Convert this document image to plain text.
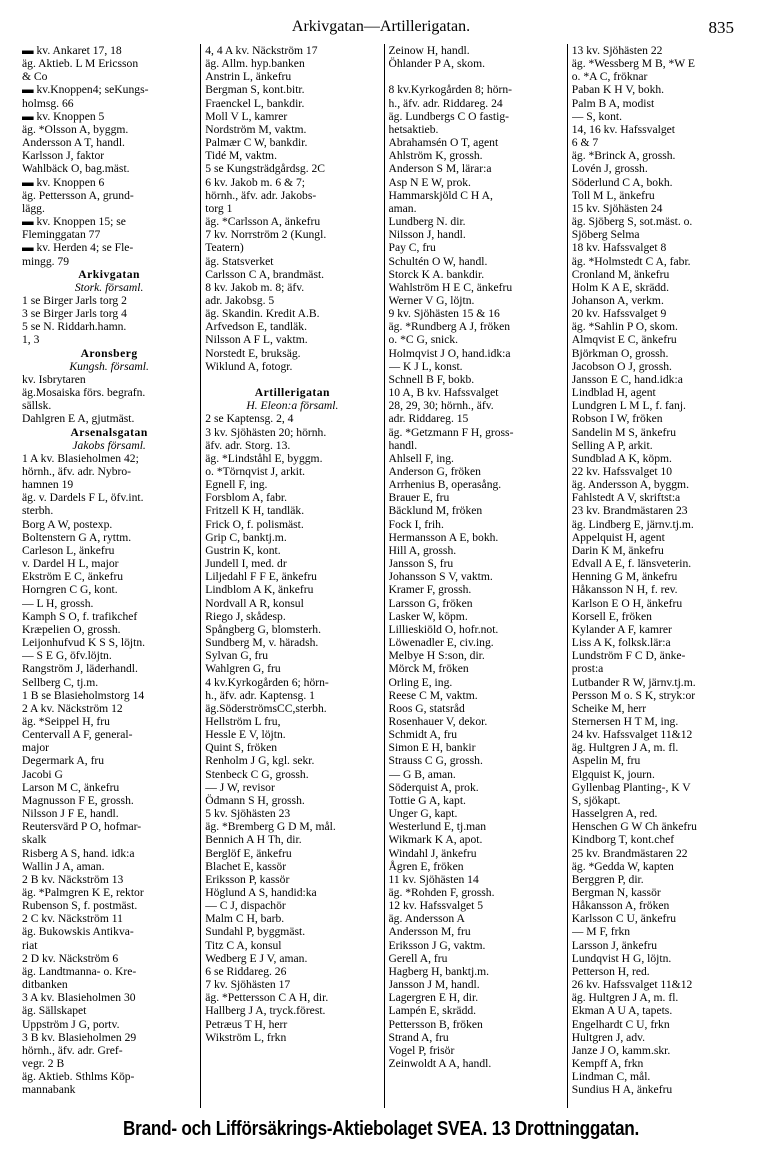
Arkivgatan—Artillerigatan.	835
▬ kv. Ankaret 17, 18
äg. Aktieb. L M Ericsson
& Co
▬ kv.Knoppen4; seKungs-
holmsg. 66
▬ kv. Knoppen 5
äg. *Olsson A, byggm.
Andersson A T, handl.
Karlsson J, faktor
Wahlbäck O, bag.mäst.
▬ kv. Knoppen 6
äg. Pettersson A, grund-
lägg.
▬ kv. Knoppen 15; se
Fleminggatan 77
▬ kv. Herden 4; se Fle-
mingg. 79
Arkivgatan
Stork. församl.
1 se Birger Jarls torg 2
3 se Birger Jarls torg 4
5 se N. Riddarh.hamn.
1, 3
Aronsberg
Kungsh. församl.
kv. Isbrytaren
äg.Mosaiska förs. begrafn.
sällsk.
Dahlgren E A, gjutmäst.
Arsenalsgatan
Jakobs församl.
1 A kv. Blasieholmen 42;
hörnh., äfv. adr. Nybro-
hamnen 19
äg. v. Dardels F L, öfv.int.
sterbh.
Borg A W, postexp.
Boltenstern G A, ryttm.
Carleson L, änkefru
v. Dardel H L, major
Ekström E C, änkefru
Horngren C G, kont.
— L H, grossh.
Kamph S O, f. trafikchef
Kræpelien O, grossh.
Leijonhufvud K S S, löjtn.
— S E G, öfv.löjtn.
Rangström J, läderhandl.
Sellberg C, tj.m.
1 B se Blasieholmstorg 14
2 A kv. Näckström 12
äg. *Seippel H, fru
Centervall A F, general-
major
Degermark A, fru
Jacobi G
Larson M C, änkefru
Magnusson F E, grossh.
Nilsson J F E, handl.
Reutersvärd P O, hofmar-
skalk
Risberg A S, hand. idk:a
Wallin J A, aman.
2 B kv. Näckström 13
äg. *Palmgren K E, rektor
Rubenson S, f. postmäst.
2 C kv. Näckström 11
äg. Bukowskis Antikva-
riat
2 D kv. Näckström 6
äg. Landtmanna- o. Kre-
ditbanken
3 A kv. Blasieholmen 30
äg. Sällskapet
Uppström J G, portv.
3 B kv. Blasieholmen 29
hörnh., äfv. adr. Gref-
vegr. 2 B
äg. Aktieb. Sthlms Köp-
mannabank
4, 4 A kv. Näckström 17
äg. Allm. hyp.banken
Anstrin L, änkefru
Bergman S, kont.bitr.
Fraenckel L, bankdir.
Moll V L, kamrer
Nordström M, vaktm.
Palmær C W, bankdir.
Tidé M, vaktm.
5 se Kungsträdgårdsg. 2C
6 kv. Jakob m. 6 & 7;
hörnh., äfv. adr. Jakobs-
torg 1
äg. *Carlsson A, änkefru
7 kv. Norrström 2 (Kungl.
Teatern)
äg. Statsverket
Carlsson C A, brandmäst.
8 kv. Jakob m. 8; äfv.
adr. Jakobsg. 5
äg. Skandin. Kredit A.B.
Arfvedson E, tandläk.
Nilsson A F L, vaktm.
Norstedt E, bruksäg.
Wiklund A, fotogr.

Artillerigatan
H. Eleon:a församl.
2 se Kaptensg. 2, 4
3 kv. Sjöhästen 20; hörnh.
äfv. adr. Storg. 13.
äg. *Lindståhl E, byggm.
o. *Törnqvist J, arkit.
Egnell F, ing.
Forsblom A, fabr.
Fritzell K H, tandläk.
Frick O, f. polismäst.
Grip C, banktj.m.
Gustrin K, kont.
Jundell I, med. dr
Liljedahl F F E, änkefru
Lindblom A K, änkefru
Nordvall A R, konsul
Riego J, skådesp.
Spångberg G, blomsterh.
Sundberg M, v. häradsh.
Sylvan G, fru
Wahlgren G, fru
4 kv.Kyrkogården 6; hörn-
h., äfv. adr. Kaptensg. 1
äg.SöderströmsCC,sterbh.
Hellström L fru,
Hessle E V, löjtn.
Quint S, fröken
Renholm J G, kgl. sekr.
Stenbeck C G, grossh.
— J W, revisor
Ödmann S H, grossh.
5 kv. Sjöhästen 23
äg. *Bremberg G D M, mål.
Bennich A H Th, dir.
Berglöf E, änkefru
Blachet E, kassör
Eriksson P, kassör
Höglund A S, handid:ka
— C J, dispachör
Malm C H, barb.
Sundahl P, byggmäst.
Titz C A, konsul
Wedberg E J V, aman.
6 se Riddareg. 26
7 kv. Sjöhästen 17
äg. *Pettersson C A H, dir.
Hallberg J A, tryck.förest.
Petræus T H, herr
Wikström L, frkn
Zeinow H, handl.
Öhlander P A, skom.

8 kv.Kyrkogården 8; hörn-
h., äfv. adr. Riddareg. 24
äg. Lundbergs C O fastig-
hetsaktieb.
Abrahamsén O T, agent
Ahlström K, grossh.
Anderson S M, lärar:a
Asp N E W, prok.
Hammarskjöld C H A,
aman.
Lundberg N. dir.
Nilsson J, handl.
Pay C, fru
Schultén O W, handl.
Storck K A. bankdir.
Wahlström H E C, änkefru
Werner V G, löjtn.
9 kv. Sjöhästen 15 & 16
äg. *Rundberg A J, fröken
o. *C G, snick.
Holmqvist J O, hand.idk:a
— K J L, konst.
Schnell B F, bokb.
10 A, B kv. Hafssvalget
28, 29, 30; hörnh., äfv.
adr. Riddareg. 15
äg. *Getzmann F H, gross-
handl.
Ahlsell F, ing.
Anderson G, fröken
Arrhenius B, operasång.
Brauer E, fru
Bäcklund M, fröken
Fock I, frih.
Hermansson A E, bokh.
Hill A, grossh.
Jansson S, fru
Johansson S V, vaktm.
Kramer F, grossh.
Larsson G, fröken
Lasker W, köpm.
Lillieskiöld O, hofr.not.
Löwenadler E, civ.ing.
Melbye H S:son, dir.
Mörck M, fröken
Orling E, ing.
Reese C M, vaktm.
Roos G, statsråd
Rosenhauer V, dekor.
Schmidt A, fru
Simon E H, bankir
Strauss C G, grossh.
— G B, aman.
Söderquist A, prok.
Tottie G A, kapt.
Unger G, kapt.
Westerlund E, tj.man
Wikmark K A, apot.
Windahl J, änkefru
Ågren E, fröken
11 kv. Sjöhästen 14
äg. *Rohden F, grossh.
12 kv. Hafssvalget 5
äg. Andersson A
Andersson M, fru
Eriksson J G, vaktm.
Gerell A, fru
Hagberg H, banktj.m.
Jansson J M, handl.
Lagergren E H, dir.
Lampén E, skrädd.
Pettersson B, fröken
Strand A, fru
Vogel P, frisör
Zeinwoldt A A, handl.
13 kv. Sjöhästen 22
äg. *Wessberg M B, *W E
o. *A C, fröknar
Paban K H V, bokh.
Palm B A, modist
— S, kont.
14, 16 kv. Hafssvalget
6 & 7
äg. *Brinck A, grossh.
Lovén J, grossh.
Söderlund C A, bokh.
Toll M L, änkefru
15 kv. Sjöhästen 24
äg. Sjöberg S, sot.mäst. o.
Sjöberg Selma
18 kv. Hafssvalget 8
äg. *Holmstedt C A, fabr.
Cronland M, änkefru
Holm K A E, skrädd.
Johanson A, verkm.
20 kv. Hafssvalget 9
äg. *Sahlin P O, skom.
Almqvist E C, änkefru
Björkman O, grossh.
Jacobson O J, grossh.
Jansson E C, hand.idk:a
Lindblad H, agent
Lundgren L M L, f. fanj.
Robson I W, fröken
Sandelin M S, änkefru
Selling A P, arkit.
Sundblad A K, köpm.
22 kv. Hafssvalget 10
äg. Andersson A, byggm.
Fahlstedt A V, skriftst:a
23 kv. Brandmästaren 23
äg. Lindberg E, järnv.tj.m.
Appelquist H, agent
Darin K M, änkefru
Edvall A E, f. länsveterin.
Henning G M, änkefru
Håkansson N H, f. rev.
Karlson E O H, änkefru
Korsell E, fröken
Kylander A F, kamrer
Liss A K, folksk.lär:a
Lundström F C D, änke-
prost:a
Lutbander R W, järnv.tj.m.
Persson M o. S K, stryk:or
Scheike M, herr
Sternersen H T M, ing.
24 kv. Hafssvalget 11&12
äg. Hultgren J A, m. fl.
Aspelin M, fru
Elgquist K, journ.
Gyllenbag Planting-, K V
S, sjökapt.
Hasselgren A, red.
Henschen G W Ch änkefru
Kindborg T, kont.chef
25 kv. Brandmästaren 22
äg. *Gedda W, kapten
Berggren P, dir.
Bergman N, kassör
Håkansson A, fröken
Karlsson C U, änkefru
— M F, frkn
Larsson J, änkefru
Lundqvist H G, löjtn.
Petterson H, red.
26 kv. Hafssvalget 11&12
äg. Hultgren J A, m. fl.
Ekman A U A, tapets.
Engelhardt C U, frkn
Hultgren J, adv.
Janze J O, kamm.skr.
Kempff A, frkn
Lindman C, mål.
Sundius H A, änkefru
Brand- och Lifförsäkrings-Aktiebolaget SVEA. 13 Drottninggatan.
